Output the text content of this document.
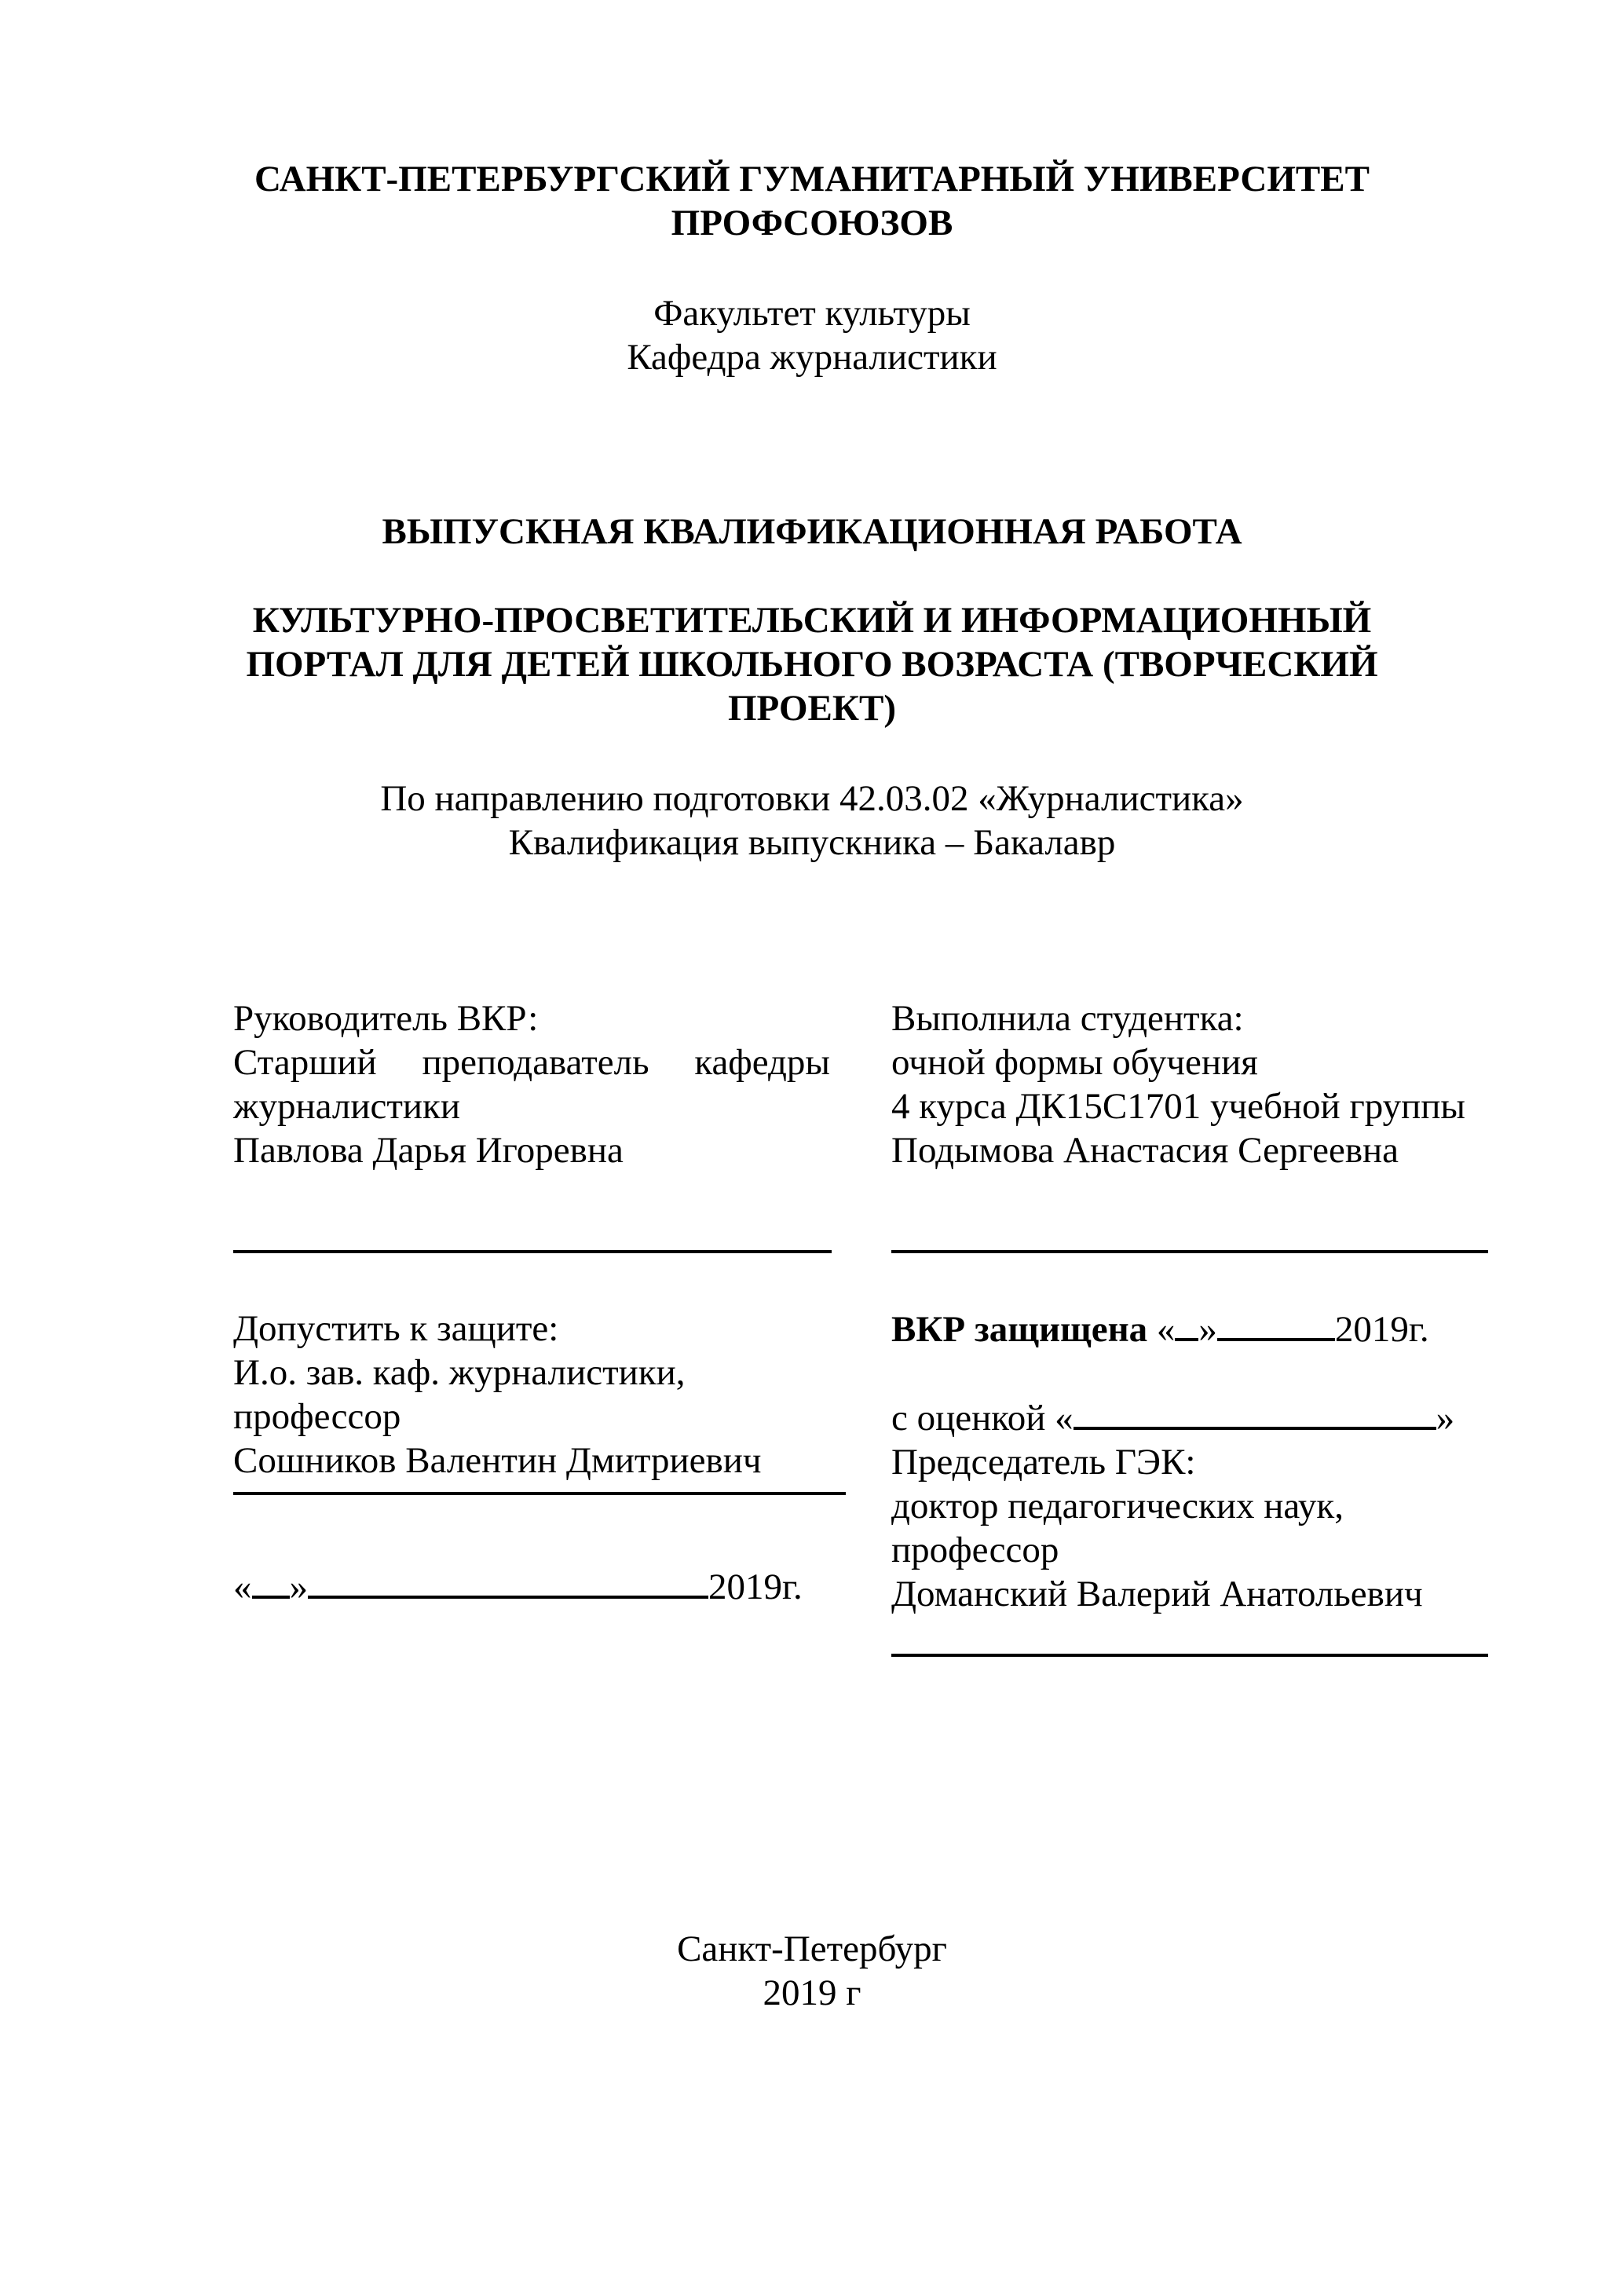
САНКТ-ПЕТЕРБУРГСКИЙ ГУМАНИТАРНЫЙ УНИВЕРСИТЕТ
ПРОФСОЮЗОВ
Факультет культуры
Кафедра журналистики
ВЫПУСКНАЯ КВАЛИФИКАЦИОННАЯ РАБОТА
КУЛЬТУРНО-ПРОСВЕТИТЕЛЬСКИЙ И ИНФОРМАЦИОННЫЙ
ПОРТАЛ ДЛЯ ДЕТЕЙ ШКОЛЬНОГО ВОЗРАСТА (ТВОРЧЕСКИЙ
ПРОЕКТ)
По направлению подготовки 42.03.02 «Журналистика»
Квалификация выпускника – Бакалавр
Руководитель ВКР:
Старший преподаватель кафедры
журналистики
Павлова Дарья Игоревна
Выполнила студентка:
очной формы обучения
4 курса ДК15С1701 учебной группы
Подымова Анастасия Сергеевна
Допустить к защите:
И.о. зав. каф. журналистики,
профессор
Сошников Валентин Дмитриевич
« »	2019г.
ВКР защищена « »	2019г.

с оценкой «	»
Председатель ГЭК:
доктор педагогических наук,
профессор
Доманский Валерий Анатольевич
Санкт-Петербург
2019 г
